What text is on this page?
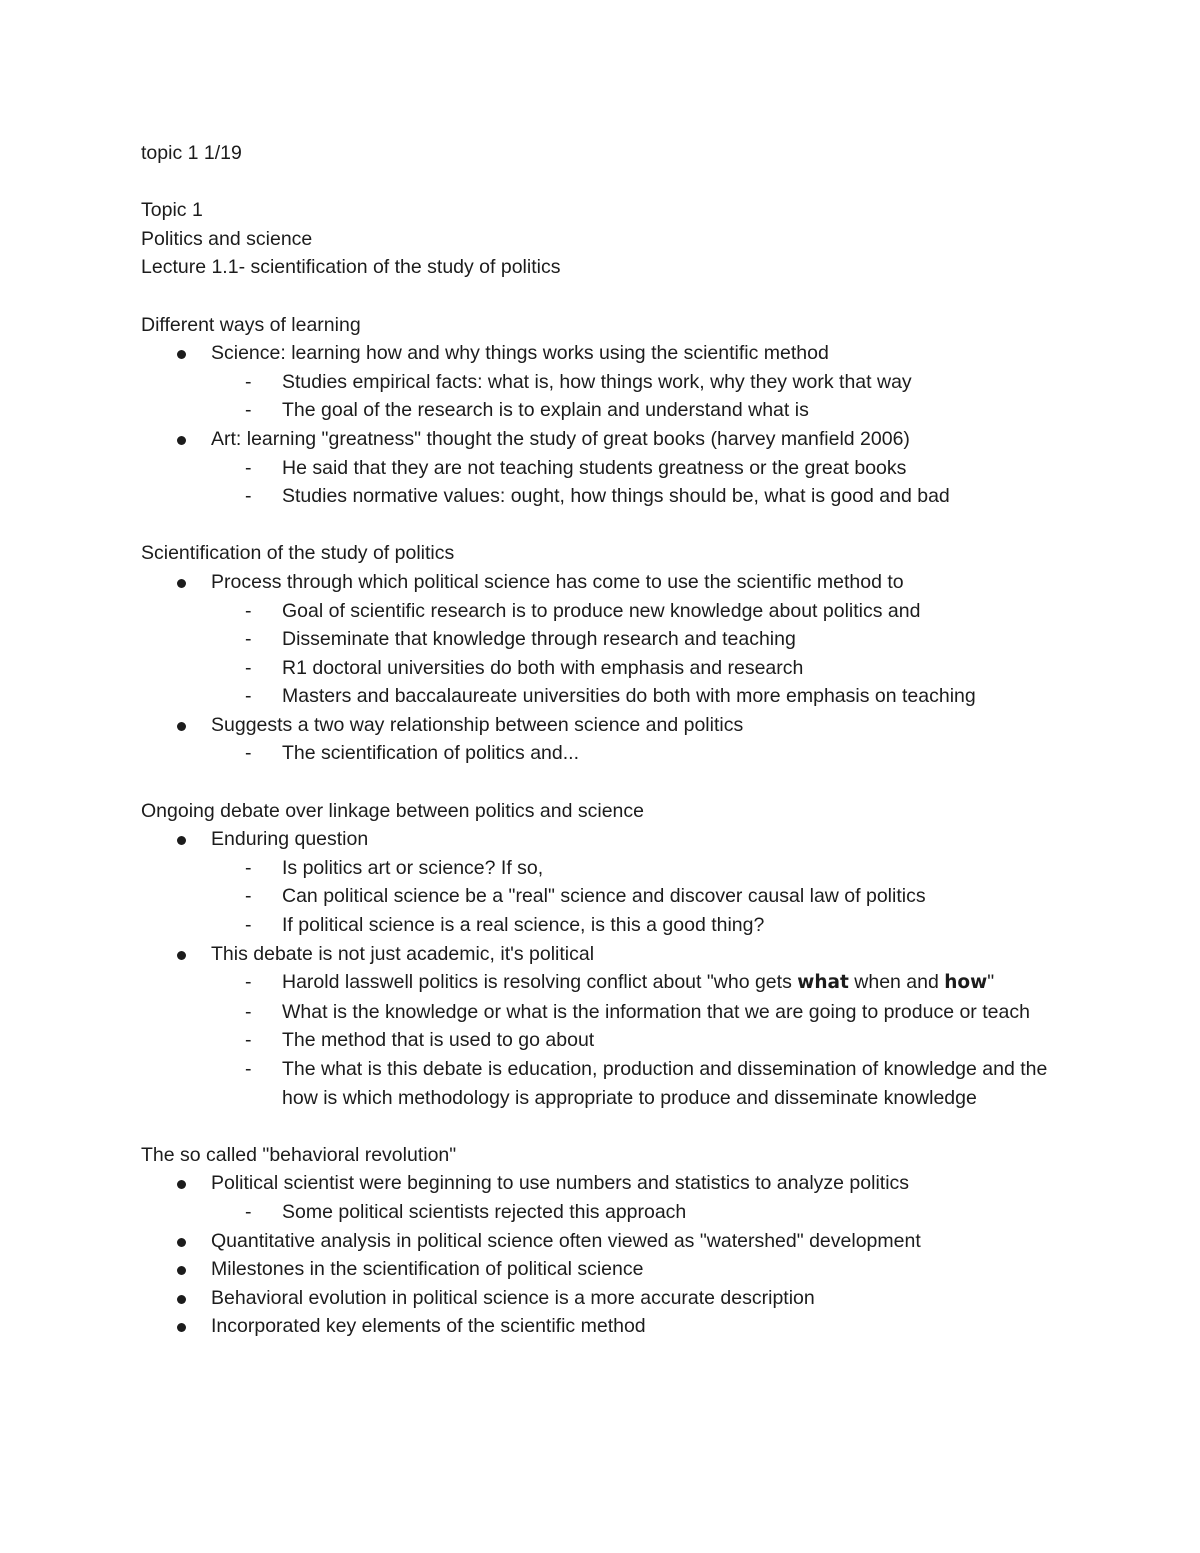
topic 1 1/19
Topic 1
Politics and science
Lecture 1.1- scientification of the study of politics
Different ways of learning
Science: learning how and why things works using the scientific method
-	Studies empirical facts: what is, how things work, why they work that way
-	The goal of the research is to explain and understand what is
Art: learning "greatness" thought the study of great books (harvey manfield 2006)
-	He said that they are not teaching students greatness or the great books
-	Studies normative values: ought, how things should be, what is good and bad
Scientification of the study of politics
Process through which political science has come to use the scientific method to
-	Goal of scientific research is to produce new knowledge about politics and
-	Disseminate that knowledge through research and teaching
-	R1 doctoral universities do both with emphasis and research
-	Masters and baccalaureate universities do both with more emphasis on teaching
Suggests a two way relationship between science and politics
-	The scientification of politics and...
Ongoing debate over linkage between politics and science
Enduring question
-	Is politics art or science? If so,
-	Can political science be a "real" science and discover causal law of politics
-	If political science is a real science, is this a good thing?
This debate is not just academic, it's political
-	Harold lasswell politics is resolving conflict about "who gets what when and how"
-	What is the knowledge or what is the information that we are going to produce or teach
-	The method that is used to go about
-	The what is this debate is education, production and dissemination of knowledge and the how is which methodology is appropriate to produce and disseminate knowledge
The so called "behavioral revolution"
Political scientist were beginning to use numbers and statistics to analyze politics
-	Some political scientists rejected this approach
Quantitative analysis in political science often viewed as "watershed" development
Milestones in the scientification of political science
Behavioral evolution in political science is a more accurate description
Incorporated key elements of the scientific method
